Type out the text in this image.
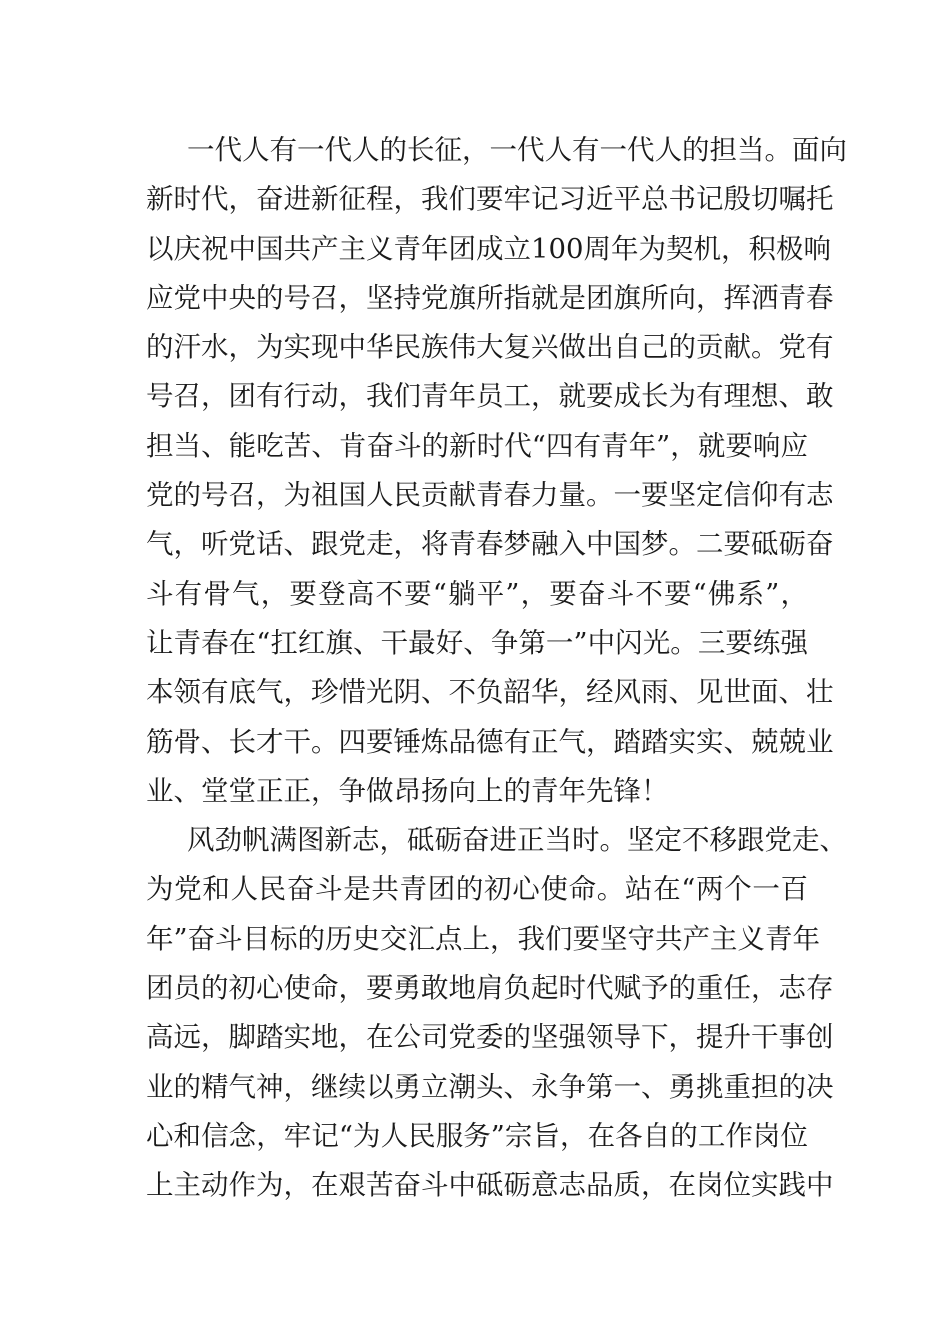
一代人有一代人的长征，一代人有一代人的担当。面向
新时代，奋进新征程，我们要牢记习近平总书记殷切嘱托
以庆祝中国共产主义青年团成立100周年为契机，积极响
应党中央的号召，坚持党旗所指就是团旗所向，挥洒青春
的汗水，为实现中华民族伟大复兴做出自己的贡献。党有
号召，团有行动，我们青年员工，就要成长为有理想、敢
担当、能吃苦、肯奋斗的新时代“四有青年”，就要响应
党的号召，为祖国人民贡献青春力量。一要坚定信仰有志
气，听党话、跟党走，将青春梦融入中国梦。二要砥砺奋
斗有骨气，要登高不要“躺平”，要奋斗不要“佛系”，
让青春在“扛红旗、干最好、争第一”中闪光。三要练强
本领有底气，珍惜光阴、不负韶华，经风雨、见世面、壮
筋骨、长才干。四要锤炼品德有正气，踏踏实实、兢兢业
业、堂堂正正，争做昂扬向上的青年先锋！
风劲帆满图新志，砥砺奋进正当时。坚定不移跟党走、
为党和人民奋斗是共青团的初心使命。站在“两个一百
年”奋斗目标的历史交汇点上，我们要坚守共产主义青年
团员的初心使命，要勇敢地肩负起时代赋予的重任，志存
高远，脚踏实地，在公司党委的坚强领导下，提升干事创
业的精气神，继续以勇立潮头、永争第一、勇挑重担的决
心和信念，牢记“为人民服务”宗旨，在各自的工作岗位
上主动作为，在艰苦奋斗中砥砺意志品质，在岗位实践中
